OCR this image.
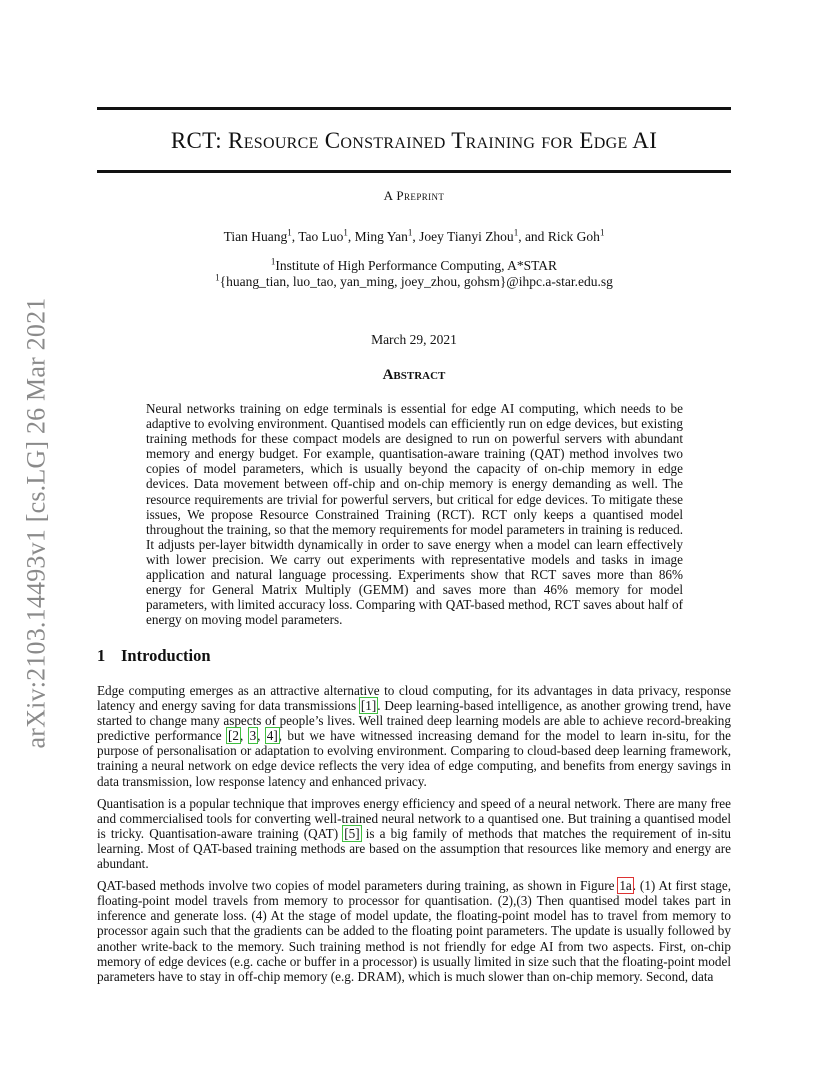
arXiv:2103.14493v1 [cs.LG] 26 Mar 2021
RCT: Resource Constrained Training for Edge AI
A Preprint
Tian Huang$^1$, Tao Luo$^1$, Ming Yan$^1$, Joey Tianyi Zhou$^1$, and Rick Goh$^1$
$^1$Institute of High Performance Computing, A*STAR
$^1${huang_tian, luo_tao, yan_ming, joey_zhou, gohsm}@ihpc.a-star.edu.sg
March 29, 2021
Abstract
Neural networks training on edge terminals is essential for edge AI computing, which needs to be adaptive to evolving environment. Quantised models can efficiently run on edge devices, but existing training methods for these compact models are designed to run on powerful servers with abundant memory and energy budget. For example, quantisation-aware training (QAT) method involves two copies of model parameters, which is usually beyond the capacity of on-chip memory in edge devices. Data movement between off-chip and on-chip memory is energy demanding as well. The resource requirements are trivial for powerful servers, but critical for edge devices. To mitigate these issues, We propose Resource Constrained Training (RCT). RCT only keeps a quantised model throughout the training, so that the memory requirements for model parameters in training is reduced. It adjusts per-layer bitwidth dynamically in order to save energy when a model can learn effectively with lower precision. We carry out experiments with representative models and tasks in image application and natural language processing. Experiments show that RCT saves more than 86% energy for General Matrix Multiply (GEMM) and saves more than 46% memory for model parameters, with limited accuracy loss. Comparing with QAT-based method, RCT saves about half of energy on moving model parameters.
1 Introduction

Edge computing emerges as an attractive alternative to cloud computing, for its advantages in data privacy, response latency and energy saving for data transmissions [1]. Deep learning-based intelligence, as another growing trend, have started to change many aspects of people’s lives. Well trained deep learning models are able to achieve record-breaking predictive performance [2, 3, 4], but we have witnessed increasing demand for the model to learn in-situ, for the purpose of personalisation or adaptation to evolving environment. Comparing to cloud-based deep learning framework, training a neural network on edge device reflects the very idea of edge computing, and benefits from energy savings in data transmission, low response latency and enhanced privacy.

Quantisation is a popular technique that improves energy efficiency and speed of a neural network. There are many free and commercialised tools for converting well-trained neural network to a quantised one. But training a quantised model is tricky. Quantisation-aware training (QAT) [5] is a big family of methods that matches the requirement of in-situ learning. Most of QAT-based training methods are based on the assumption that resources like memory and energy are abundant.

QAT-based methods involve two copies of model parameters during training, as shown in Figure 1a. (1) At first stage, floating-point model travels from memory to processor for quantisation. (2),(3) Then quantised model takes part in inference and generate loss. (4) At the stage of model update, the floating-point model has to travel from memory to processor again such that the gradients can be added to the floating point parameters. The update is usually followed by another write-back to the memory. Such training method is not friendly for edge AI from two aspects. First, on-chip memory of edge devices (e.g. cache or buffer in a processor) is usually limited in size such that the floating-point model parameters have to stay in off-chip memory (e.g. DRAM), which is much slower than on-chip memory. Second, data
